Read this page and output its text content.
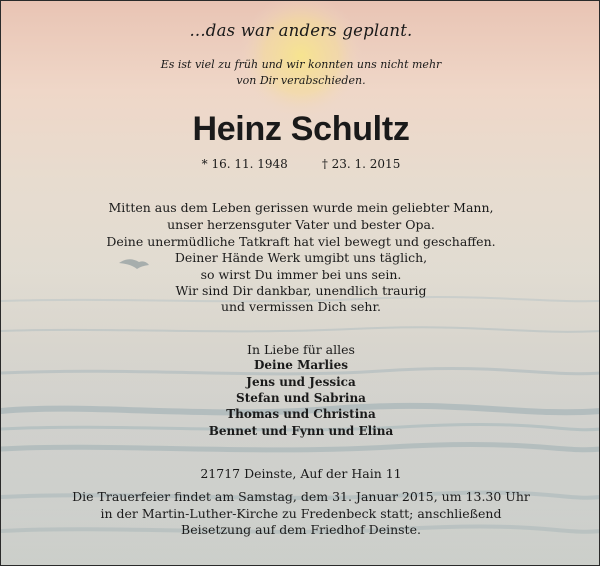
...das war anders geplant.
Es ist viel zu früh und wir konnten uns nicht mehr
von Dir verabschieden.
Heinz Schultz
* 16. 11. 1948	† 23. 1. 2015
Mitten aus dem Leben gerissen wurde mein geliebter Mann,
unser herzensguter Vater und bester Opa.
Deine unermüdliche Tatkraft hat viel bewegt und geschaffen.
Deiner Hände Werk umgibt uns täglich,
so wirst Du immer bei uns sein.
Wir sind Dir dankbar, unendlich traurig
und vermissen Dich sehr.
In Liebe für alles
Deine Marlies
Jens und Jessica
Stefan und Sabrina
Thomas und Christina
Bennet und Fynn und Elina
21717 Deinste, Auf der Hain 11
Die Trauerfeier findet am Samstag, dem 31. Januar 2015, um 13.30 Uhr
in der Martin-Luther-Kirche zu Fredenbeck statt; anschließend
Beisetzung auf dem Friedhof Deinste.
